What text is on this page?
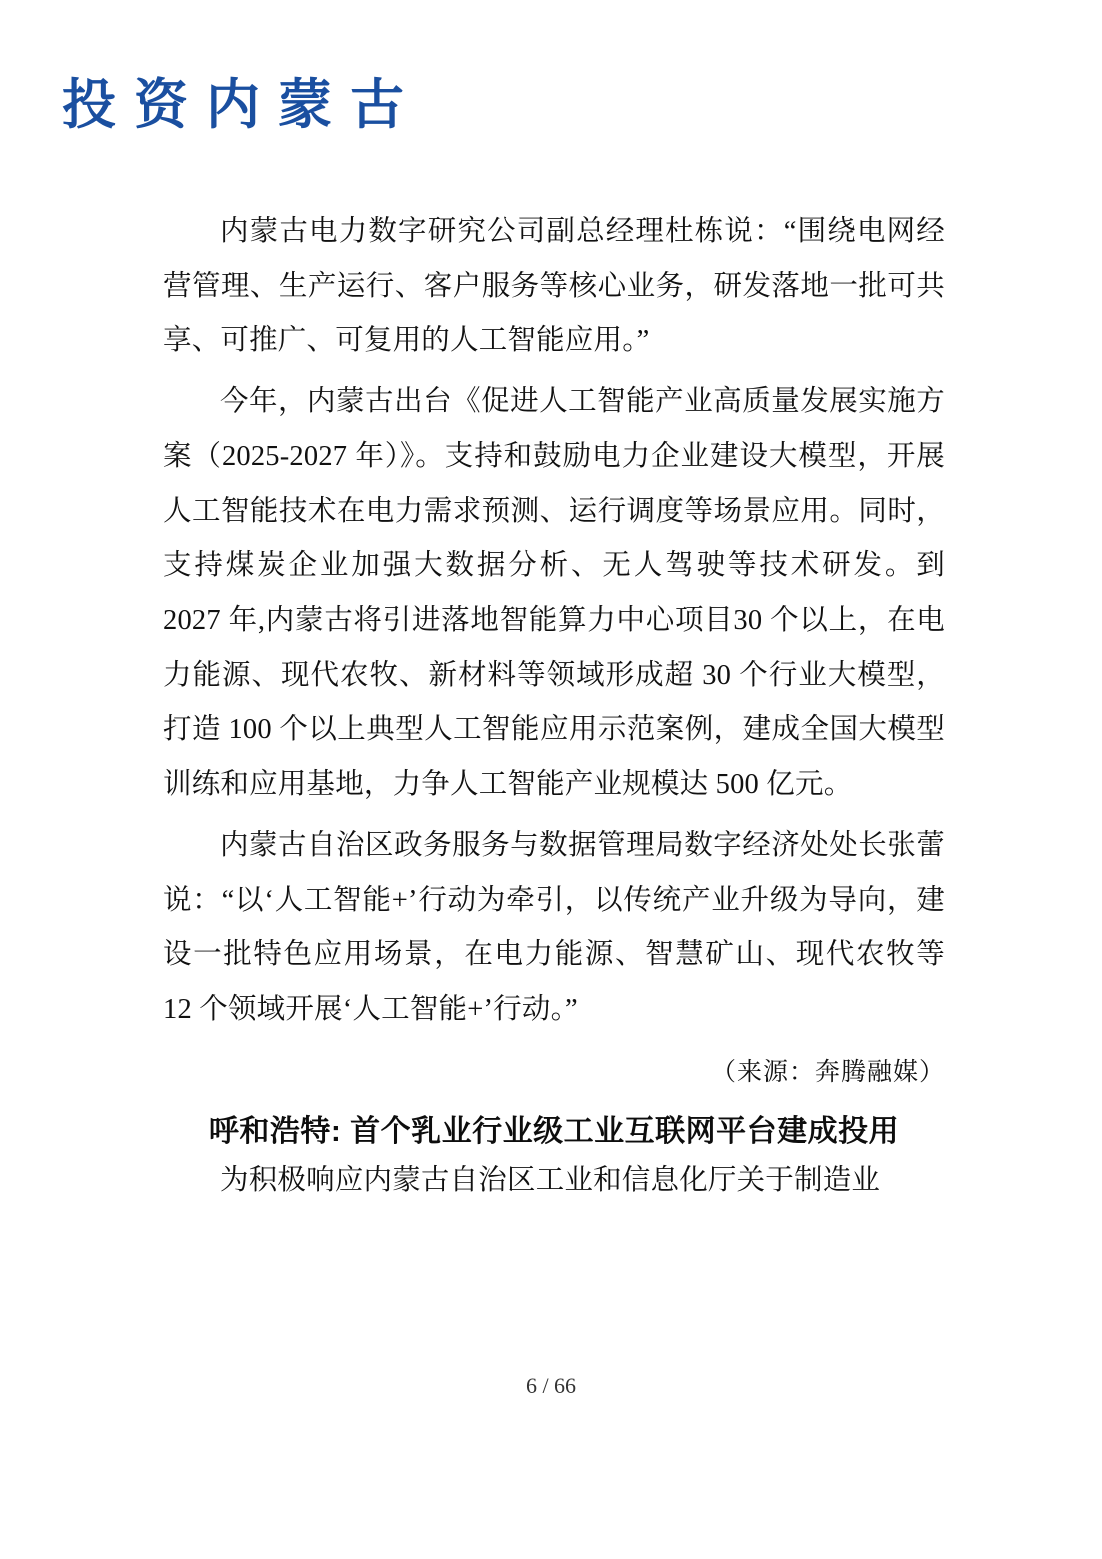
投资内蒙古

内蒙古电力数字研究公司副总经理杜栋说：“围绕电网经营管理、生产运行、客户服务等核心业务，研发落地一批可共享、可推广、可复用的人工智能应用。”

今年，内蒙古出台《促进人工智能产业高质量发展实施方案（2025-2027 年）》。支持和鼓励电力企业建设大模型，开展人工智能技术在电力需求预测、运行调度等场景应用。同时，支持煤炭企业加强大数据分析、无人驾驶等技术研发。到 2027 年,内蒙古将引进落地智能算力中心项目30 个以上，在电力能源、现代农牧、新材料等领域形成超 30 个行业大模型，打造 100 个以上典型人工智能应用示范案例，建成全国大模型训练和应用基地，力争人工智能产业规模达 500 亿元。

内蒙古自治区政务服务与数据管理局数字经济处处长张蕾说：“以‘人工智能+’行动为牵引，以传统产业升级为导向，建设一批特色应用场景，在电力能源、智慧矿山、现代农牧等 12 个领域开展‘人工智能+’行动。”

（来源：奔腾融媒）

呼和浩特: 首个乳业行业级工业互联网平台建成投用

为积极响应内蒙古自治区工业和信息化厅关于制造业

6 / 66
